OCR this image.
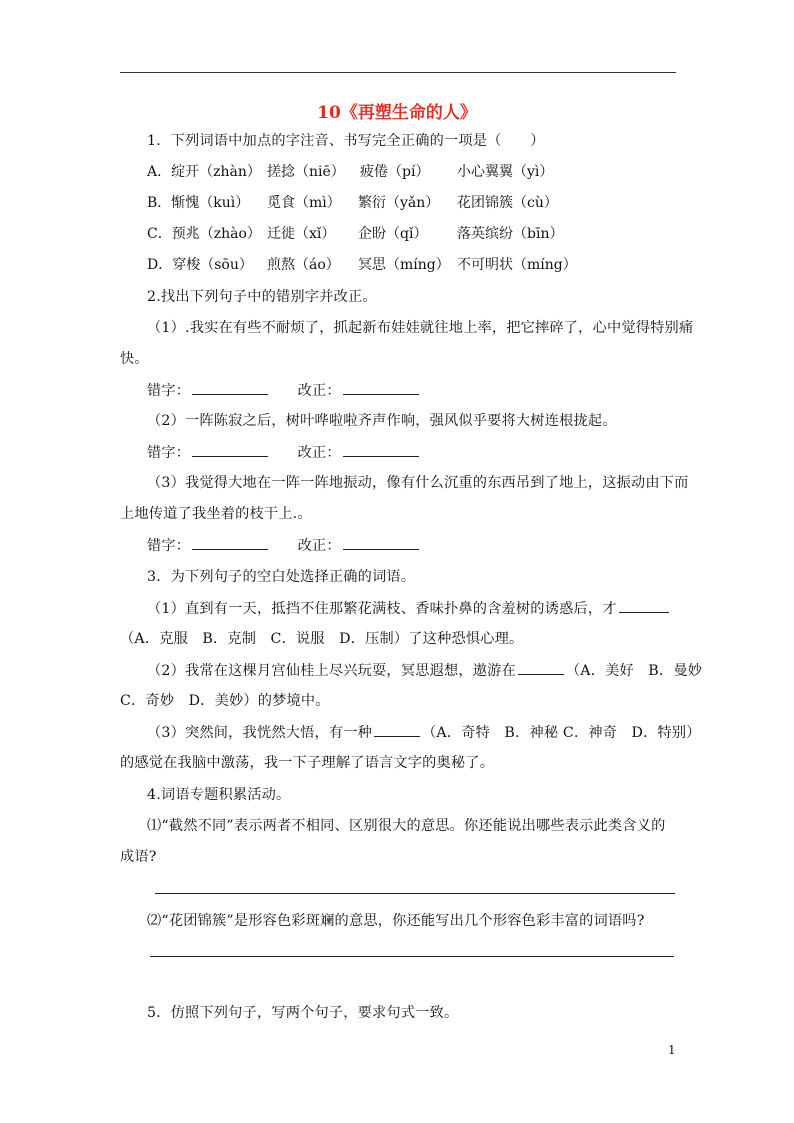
10《再塑生命的人》
1．下列词语中加点的字注音、书写完全正确的一项是（　　）
A．绽开（zhàn） 搓捻（niē） 疲倦（pí） 小心翼翼（yì）
B．惭愧（kuì） 觅食（mì） 繁衍（yǎn） 花团锦簇（cù）
C．预兆（zhào） 迁徙（xǐ） 企盼（qǐ） 落英缤纷（bīn）
D．穿梭（sōu） 煎熬（áo） 冥思（míng） 不可明状（míng）
2.找出下列句子中的错别字并改正。
（1）.我实在有些不耐烦了，抓起新布娃娃就往地上率，把它摔碎了，心中觉得特别痛
快。
错字：	改正：
（2）一阵陈寂之后，树叶哗啦啦齐声作响，强风似乎要将大树连根拢起。
错字：	改正：
（3）我觉得大地在一阵一阵地振动，像有什么沉重的东西吊到了地上，这振动由下而
上地传道了我坐着的枝干上.。
错字：	改正：
3．为下列句子的空白处选择正确的词语。
（1）直到有一天，抵挡不住那繁花满枝、香味扑鼻的含羞树的诱惑后，才
（A．克服　B．克制　C．说服　D．压制）了这种恐惧心理。
（2）我常在这棵月宫仙桂上尽兴玩耍，冥思遐想，遨游在	（A．美好　B．曼妙
C．奇妙　D．美妙）的梦境中。
（3）突然间，我恍然大悟，有一种	（A．奇特　B．神秘 C．神奇　D．特别）
的感觉在我脑中激荡，我一下子理解了语言文字的奥秘了。
4.词语专题积累活动。
⑴“截然不同”表示两者不相同、区别很大的意思。你还能说出哪些表示此类含义的
成语?
⑵“花团锦簇”是形容色彩斑斓的意思，你还能写出几个形容色彩丰富的词语吗?
5．仿照下列句子，写两个句子，要求句式一致。
1
